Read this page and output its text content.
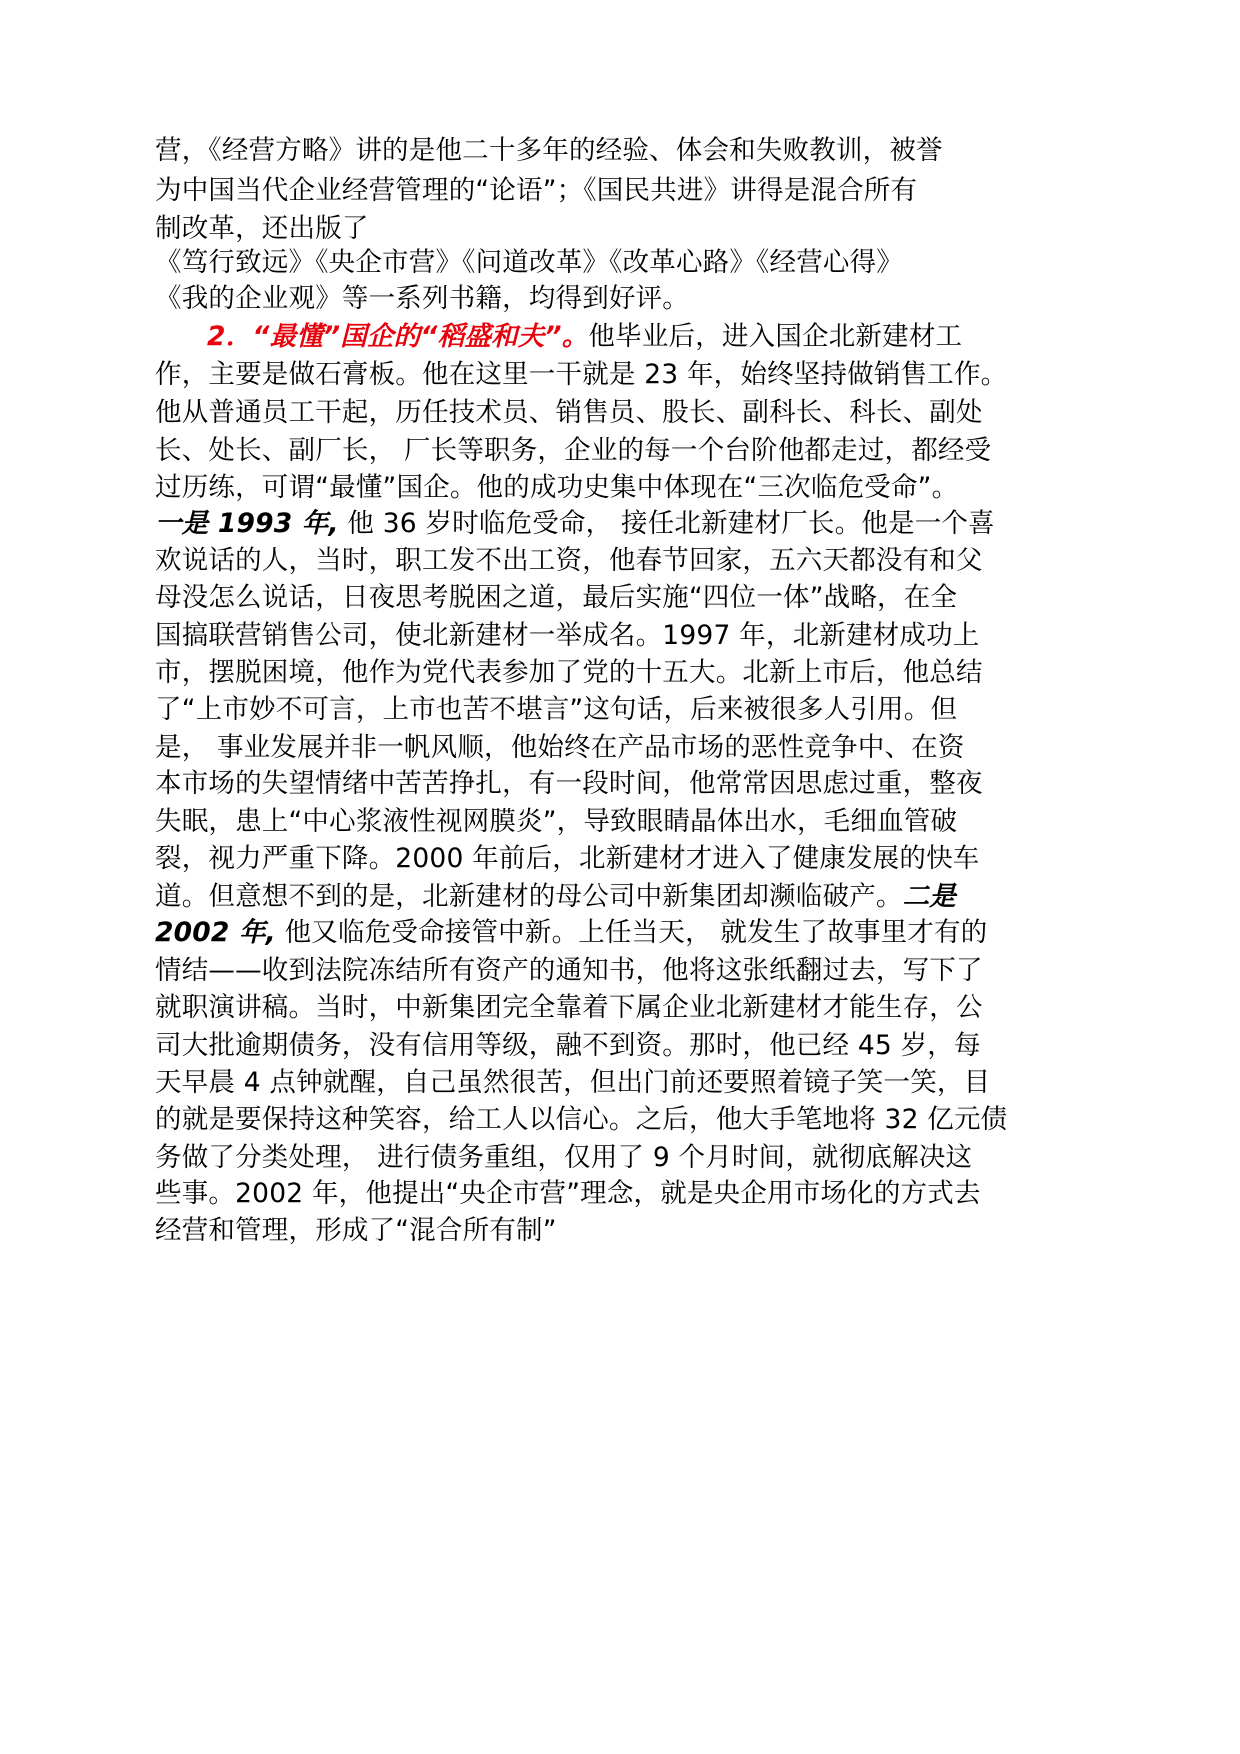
营，《经营方略》讲的是他二十多年的经验、体会和失败教训，被誉
为中国当代企业经营管理的“论语”；《国民共进》讲得是混合所有
制改革，还出版了
《笃行致远》《央企市营》《问道改革》《改革心路》《经营心得》
《我的企业观》等一系列书籍，均得到好评。
2．“最懂”国企的“稻盛和夫”。他毕业后，进入国企北新建材工
作，主要是做石膏板。他在这里一干就是 23 年，始终坚持做销售工作。
他从普通员工干起，历任技术员、销售员、股长、副科长、科长、副处
长、处长、副厂长， 厂长等职务，企业的每一个台阶他都走过，都经受
过历练，可谓“最懂”国企。他的成功史集中体现在“三次临危受命”。
一是 1993 年, 他 36 岁时临危受命， 接任北新建材厂长。他是一个喜
欢说话的人，当时，职工发不出工资，他春节回家，五六天都没有和父
母没怎么说话，日夜思考脱困之道，最后实施“四位一体”战略，在全
国搞联营销售公司，使北新建材一举成名。1997 年，北新建材成功上
市，摆脱困境，他作为党代表参加了党的十五大。北新上市后，他总结
了“上市妙不可言，上市也苦不堪言”这句话，后来被很多人引用。但
是， 事业发展并非一帆风顺，他始终在产品市场的恶性竞争中、在资
本市场的失望情绪中苦苦挣扎，有一段时间，他常常因思虑过重，整夜
失眠，患上“中心浆液性视网膜炎”，导致眼睛晶体出水，毛细血管破
裂，视力严重下降。2000 年前后，北新建材才进入了健康发展的快车
道。但意想不到的是，北新建材的母公司中新集团却濒临破产。二是
2002 年, 他又临危受命接管中新。上任当天， 就发生了故事里才有的
情结——收到法院冻结所有资产的通知书，他将这张纸翻过去，写下了
就职演讲稿。当时，中新集团完全靠着下属企业北新建材才能生存，公
司大批逾期债务，没有信用等级，融不到资。那时，他已经 45 岁，每
天早晨 4 点钟就醒，自己虽然很苦，但出门前还要照着镜子笑一笑，目
的就是要保持这种笑容，给工人以信心。之后，他大手笔地将 32 亿元债
务做了分类处理， 进行债务重组，仅用了 9 个月时间，就彻底解决这
些事。2002 年，他提出“央企市营”理念，就是央企用市场化的方式去
经营和管理，形成了“混合所有制”
